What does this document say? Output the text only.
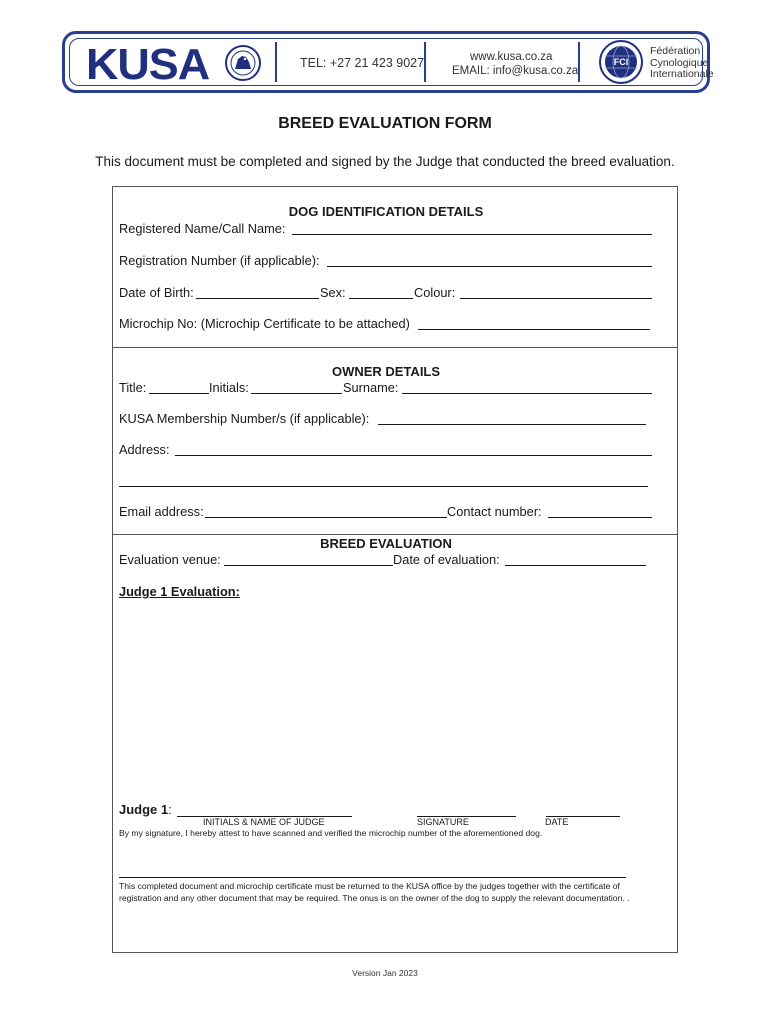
KUSA	TEL: +27 21 423 9027	www.kusa.co.za
EMAIL: info@kusa.co.za
FCI
Fédération
Cynologique
Internationale
BREED EVALUATION FORM
This document must be completed and signed by the Judge that conducted the breed evaluation.
DOG IDENTIFICATION DETAILS
Registered Name/Call Name:
Registration Number (if applicable):
Date of Birth:	Sex:	Colour:
Microchip No: (Microchip Certificate to be attached)
OWNER DETAILS
Title:	Initials:	Surname:
KUSA Membership Number/s (if applicable):
Address:
Email address:	Contact number:
BREED EVALUATION
Evaluation venue:	Date of evaluation:
Judge 1 Evaluation:
Judge 1:
INITIALS & NAME OF JUDGE	SIGNATURE	DATE
By my signature, I hereby attest to have scanned and verified the microchip number of the aforementioned dog.
This completed document and microchip certificate must be returned to the KUSA office by the judges together with the certificate of registration and any other document that may be required. The onus is on the owner of the dog to supply the relevant documentation. .
Version Jan 2023
